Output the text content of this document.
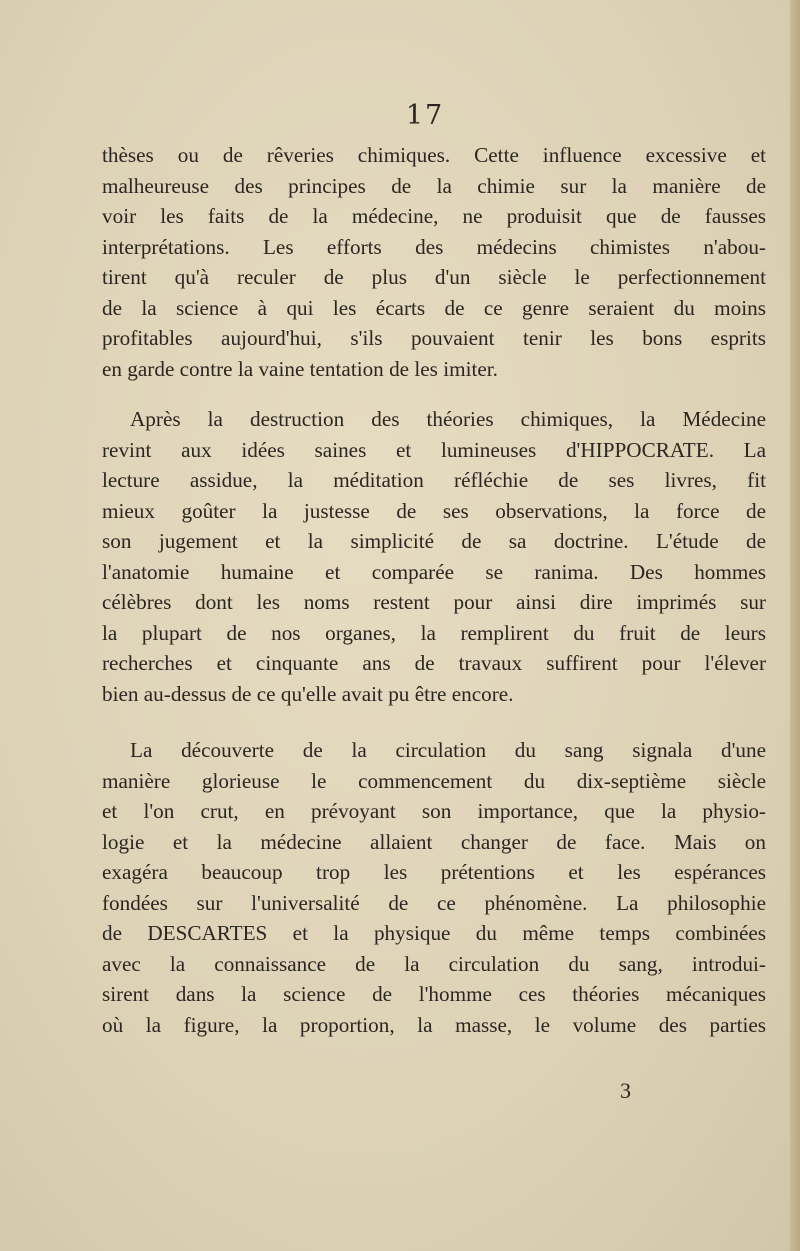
17
thèses ou de rêveries chimiques. Cette influence excessive et
malheureuse des principes de la chimie sur la manière de
voir les faits de la médecine, ne produisit que de fausses
interprétations. Les efforts des médecins chimistes n'abou-
tirent qu'à reculer de plus d'un siècle le perfectionnement
de la science à qui les écarts de ce genre seraient du moins
profitables aujourd'hui, s'ils pouvaient tenir les bons esprits
en garde contre la vaine tentation de les imiter.
Après la destruction des théories chimiques, la Médecine
revint aux idées saines et lumineuses d'HIPPOCRATE. La
lecture assidue, la méditation réfléchie de ses livres, fit
mieux goûter la justesse de ses observations, la force de
son jugement et la simplicité de sa doctrine. L'étude de
l'anatomie humaine et comparée se ranima. Des hommes
célèbres dont les noms restent pour ainsi dire imprimés sur
la plupart de nos organes, la remplirent du fruit de leurs
recherches et cinquante ans de travaux suffirent pour l'élever
bien au-dessus de ce qu'elle avait pu être encore.
La découverte de la circulation du sang signala d'une
manière glorieuse le commencement du dix-septième siècle
et l'on crut, en prévoyant son importance, que la physio-
logie et la médecine allaient changer de face. Mais on
exagéra beaucoup trop les prétentions et les espérances
fondées sur l'universalité de ce phénomène. La philosophie
de DESCARTES et la physique du même temps combinées
avec la connaissance de la circulation du sang, introdui-
sirent dans la science de l'homme ces théories mécaniques
où la figure, la proportion, la masse, le volume des parties
3
